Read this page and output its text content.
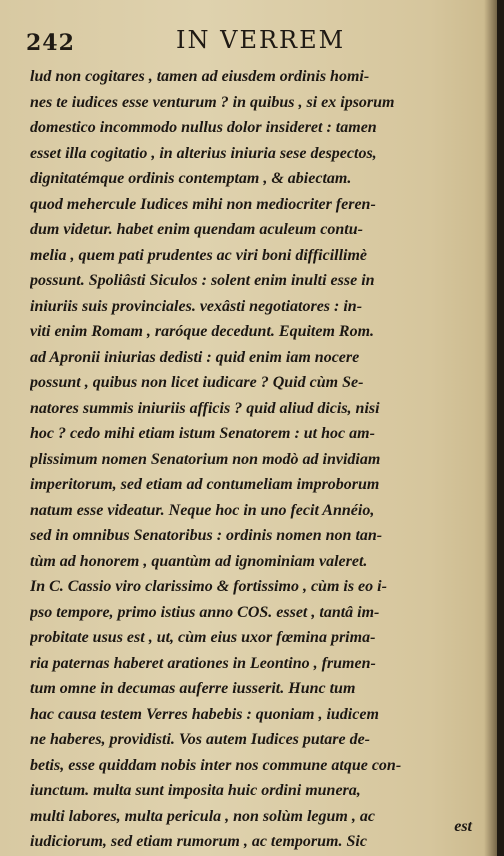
242	IN VERREM
lud non cogitares , tamen ad eiusdem ordinis homi-
nes te iudices esse venturum ? in quibus , si ex ipsorum
domestico incommodo nullus dolor insideret : tamen
esset illa cogitatio , in alterius iniuria sese despectos,
dignitatémque ordinis contemptam , & abiectam.
quod mehercule Iudices mihi non mediocriter feren-
dum videtur. habet enim quendam aculeum contu-
melia , quem pati prudentes ac viri boni difficillimè
possunt. Spoliâsti Siculos : solent enim inulti esse in
iniuriis suis provinciales. vexâsti negotiatores : in-
viti enim Romam , raróque decedunt. Equitem Rom.
ad Apronii iniurias dedisti : quid enim iam nocere
possunt , quibus non licet iudicare ? Quid cùm Se-
natores summis iniuriis afficis ? quid aliud dicis, nisi
hoc ? cedo mihi etiam istum Senatorem : ut hoc am-
plissimum nomen Senatorium non modò ad invidiam
imperitorum, sed etiam ad contumeliam improborum
natum esse videatur. Neque hoc in uno fecit Annéio,
sed in omnibus Senatoribus : ordinis nomen non tan-
tùm ad honorem , quantùm ad ignominiam valeret.
In C. Cassio viro clarissimo & fortissimo , cùm is eo i-
pso tempore, primo istius anno COS. esset , tantâ im-
probitate usus est , ut, cùm eius uxor fœmina prima-
ria paternas haberet arationes in Leontino , frumen-
tum omne in decumas auferre iusserit. Hunc tum
hac causa testem Verres habebis : quoniam , iudicem
ne haberes, providisti. Vos autem Iudices putare de-
betis, esse quiddam nobis inter nos commune atque con-
iunctum. multa sunt imposita huic ordini munera,
multi labores, multa pericula , non solùm legum , ac
iudiciorum, sed etiam rumorum , ac temporum. Sic
est
